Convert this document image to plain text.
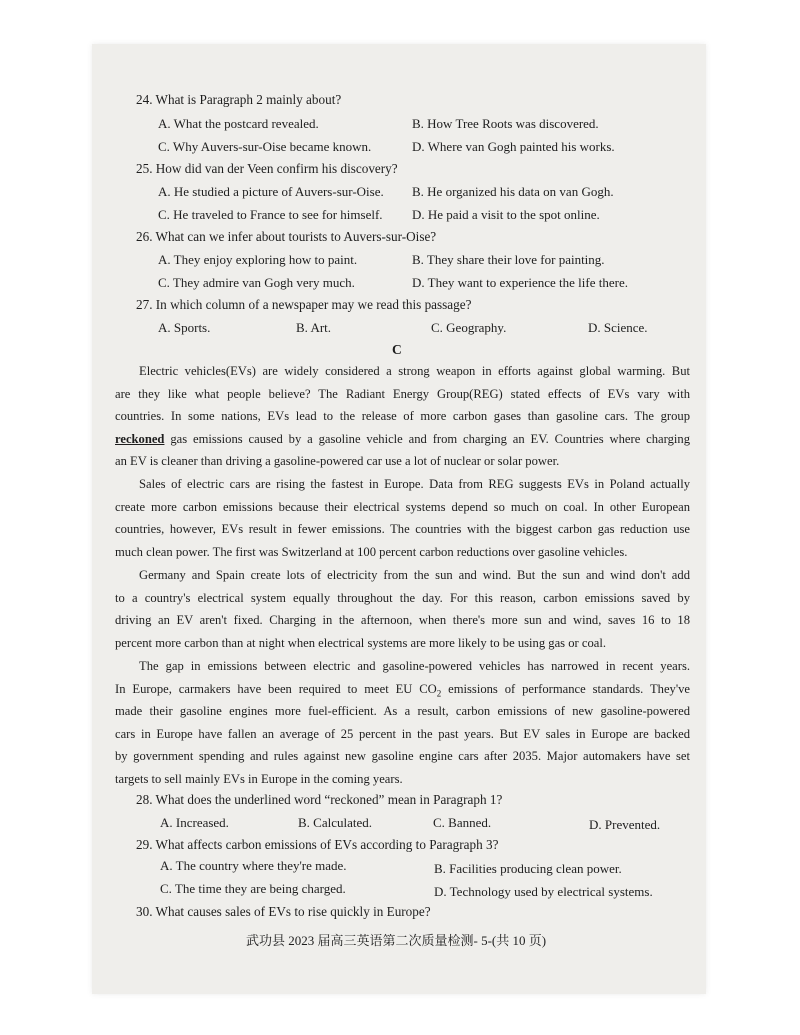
24. What is Paragraph 2 mainly about?
A. What the postcard revealed.	B. How Tree Roots was discovered.
C. Why Auvers-sur-Oise became known.	D. Where van Gogh painted his works.
25. How did van der Veen confirm his discovery?
A. He studied a picture of Auvers-sur-Oise. B. He organized his data on van Gogh.
C. He traveled to France to see for himself. D. He paid a visit to the spot online.
26. What can we infer about tourists to Auvers-sur-Oise?
A. They enjoy exploring how to paint.	B. They share their love for painting.
C. They admire van Gogh very much.	D. They want to experience the life there.
27. In which column of a newspaper may we read this passage?
A. Sports.	B. Art.	C. Geography.	D. Science.
C
Electric vehicles(EVs) are widely considered a strong weapon in efforts against global warming. But
are they like what people believe? The Radiant Energy Group(REG) stated effects of EVs vary with
countries. In some nations, EVs lead to the release of more carbon gases than gasoline cars. The group
reckoned gas emissions caused by a gasoline vehicle and from charging an EV. Countries where charging
an EV is cleaner than driving a gasoline-powered car use a lot of nuclear or solar power.
Sales of electric cars are rising the fastest in Europe. Data from REG suggests EVs in Poland actually
create more carbon emissions because their electrical systems depend so much on coal. In other European
countries, however, EVs result in fewer emissions. The countries with the biggest carbon gas reduction use
much clean power. The first was Switzerland at 100 percent carbon reductions over gasoline vehicles.
Germany and Spain create lots of electricity from the sun and wind. But the sun and wind don't add
to a country's electrical system equally throughout the day. For this reason, carbon emissions saved by
driving an EV aren't fixed. Charging in the afternoon, when there's more sun and wind, saves 16 to 18
percent more carbon than at night when electrical systems are more likely to be using gas or coal.
The gap in emissions between electric and gasoline-powered vehicles has narrowed in recent years.
In Europe, carmakers have been required to meet EU $CO_2$ emissions of performance standards. They've
made their gasoline engines more fuel-efficient. As a result, carbon emissions of new gasoline-powered
cars in Europe have fallen an average of 25 percent in the past years. But EV sales in Europe are backed
by government spending and rules against new gasoline engine cars after 2035. Major automakers have set
targets to sell mainly EVs in Europe in the coming years.
28. What does the underlined word “reckoned” mean in Paragraph 1?
A. Increased.	B. Calculated.	C. Banned.	D. Prevented.
29. What affects carbon emissions of EVs according to Paragraph 3?
A. The country where they're made.	B. Facilities producing clean power.
C. The time they are being charged.	D. Technology used by electrical systems.
30. What causes sales of EVs to rise quickly in Europe?
武功县 2023 届高三英语第二次质量检测- 5-(共 10 页)
